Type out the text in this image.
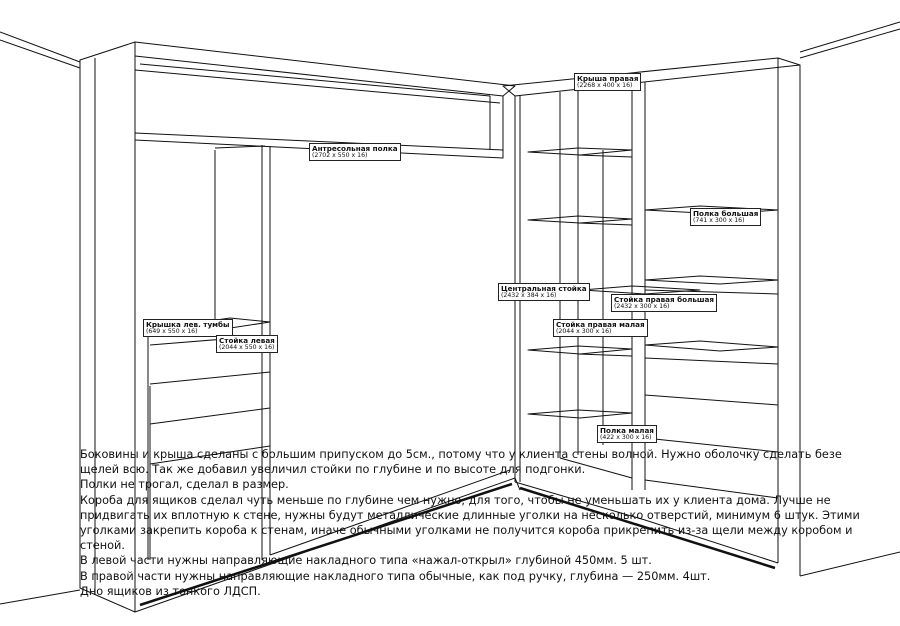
Крыша правая
(2268 x 400 x 16)
Антресольная полка
(2702 x 550 x 16)
Полка большая
(741 x 300 x 16)
Центральная стойка
(2432 x 384 x 16)	Стойка правая большая
(2432 x 300 x 16)
Стойка правая малая
(2044 x 300 x 16)
Крышка лев. тумбы
(649 x 550 x 16)
Стойка левая
(2044 x 550 x 16)
Полка малая
(422 x 300 x 16)

Боковины и крыша сделаны с большим припуском до 5см., потому что у клиента стены волной. Нужно оболочку сделать безе щелей всю. Так же добавил увеличил стойки по глубине и по высоте для подгонки.

Полки не трогал, сделал в размер.

Короба для ящиков сделал чуть меньше по глубине чем нужно, для того, чтобы не уменьшать их у клиента дома. Лучше не придвигать их вплотную к стене, нужны будут металлические длинные уголки на несколько отверстий, минимум 6 штук. Этими уголками закрепить короба к стенам, иначе обычными уголками не получится короба прикрепить из-за щели между коробом и стеной.

В левой части нужны направляющие накладного типа «нажал-открыл» глубиной 450мм. 5 шт.

В правой части нужны направляющие накладного типа обычные, как под ручку, глубина — 250мм. 4шт.

Дно ящиков из тонкого ЛДСП.
